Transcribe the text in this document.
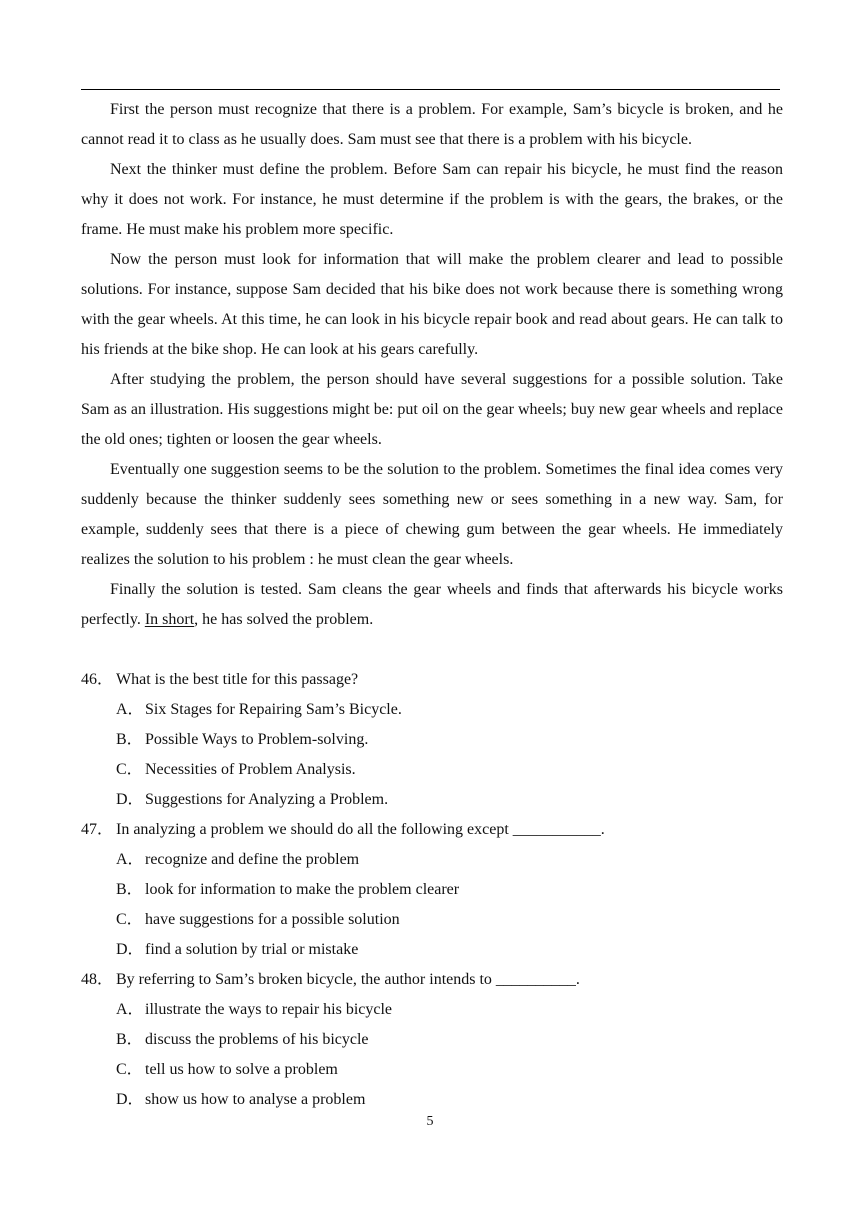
First the person must recognize that there is a problem. For example, Sam’s bicycle is broken, and he cannot read it to class as he usually does. Sam must see that there is a problem with his bicycle.

Next the thinker must define the problem. Before Sam can repair his bicycle, he must find the reason why it does not work. For instance, he must determine if the problem is with the gears, the brakes, or the frame. He must make his problem more specific.

Now the person must look for information that will make the problem clearer and lead to possible solutions. For instance, suppose Sam decided that his bike does not work because there is something wrong with the gear wheels. At this time, he can look in his bicycle repair book and read about gears. He can talk to his friends at the bike shop. He can look at his gears carefully.

After studying the problem, the person should have several suggestions for a possible solution. Take Sam as an illustration. His suggestions might be: put oil on the gear wheels; buy new gear wheels and replace the old ones; tighten or loosen the gear wheels.

Eventually one suggestion seems to be the solution to the problem. Sometimes the final idea comes very suddenly because the thinker suddenly sees something new or sees something in a new way. Sam, for example, suddenly sees that there is a piece of chewing gum between the gear wheels. He immediately realizes the solution to his problem : he must clean the gear wheels.

Finally the solution is tested. Sam cleans the gear wheels and finds that afterwards his bicycle works perfectly. In short, he has solved the problem.

46． What is the best title for this passage?

A．Six Stages for Repairing Sam’s Bicycle.

B． Possible Ways to Problem-solving.

C． Necessities of Problem Analysis.

D．Suggestions for Analyzing a Problem.

47． In analyzing a problem we should do all the following except ___________.

A．recognize and define the problem

B． look for information to make the problem clearer

C． have suggestions for a possible solution

D．find a solution by trial or mistake

48． By referring to Sam’s broken bicycle, the author intends to __________.

A．illustrate the ways to repair his bicycle

B． discuss the problems of his bicycle

C． tell us how to solve a problem

D．show us how to analyse a problem

5
